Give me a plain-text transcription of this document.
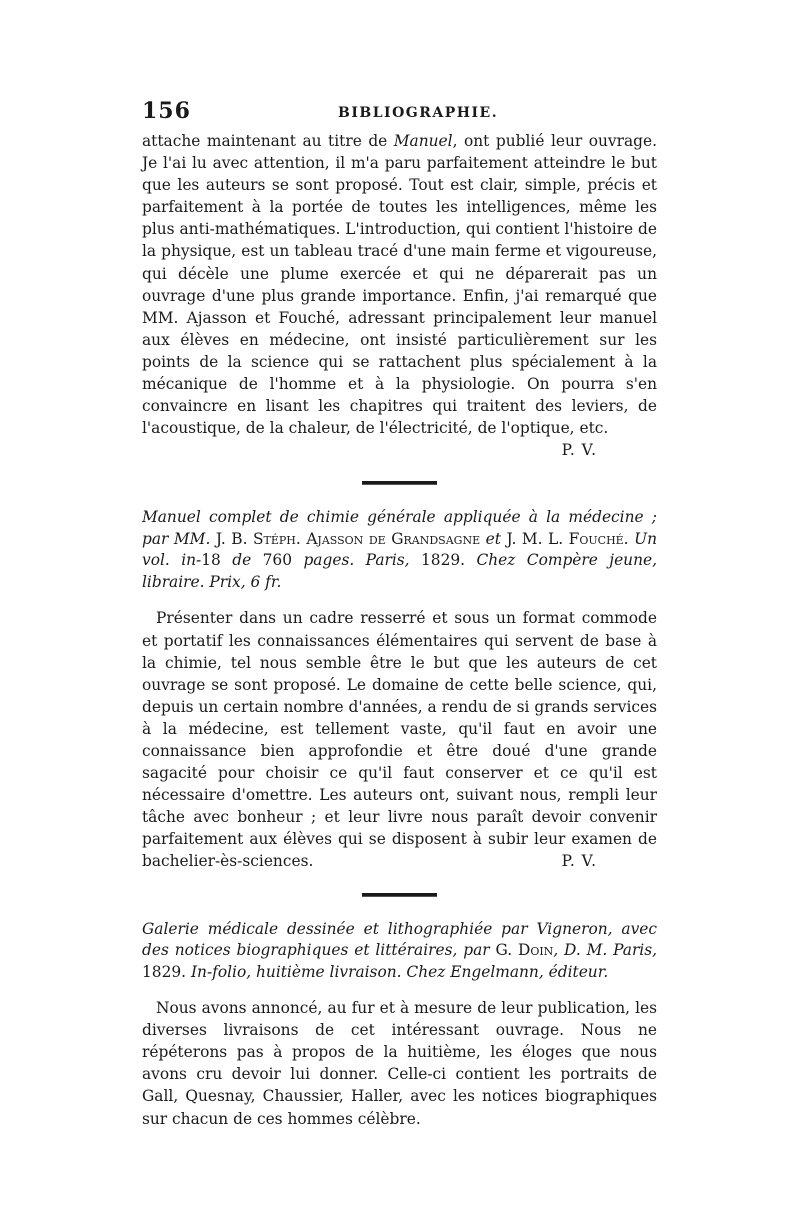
156	BIBLIOGRAPHIE.

attache maintenant au titre de Manuel, ont publié leur ouvrage. Je l'ai lu avec attention, il m'a paru parfaitement atteindre le but que les auteurs se sont proposé. Tout est clair, simple, précis et parfaitement à la portée de toutes les intelligences, même les plus anti-mathématiques. L'introduction, qui contient l'histoire de la physique, est un tableau tracé d'une main ferme et vigoureuse, qui décèle une plume exercée et qui ne déparerait pas un ouvrage d'une plus grande importance. Enfin, j'ai remarqué que MM. Ajasson et Fouché, adressant principalement leur manuel aux élèves en médecine, ont insisté particulièrement sur les points de la science qui se rattachent plus spécialement à la mécanique de l'homme et à la physiologie. On pourra s'en convaincre en lisant les chapitres qui traitent des leviers, de l'acoustique, de la chaleur, de l'électricité, de l'optique, etc.
P. V.

Manuel complet de chimie générale appliquée à la médecine ; par MM. J. B. Stéph. Ajasson de Grandsagne et J. M. L. Fouché. Un vol. in-18 de 760 pages. Paris, 1829. Chez Compère jeune, libraire. Prix, 6 fr.

Présenter dans un cadre resserré et sous un format commode et portatif les connaissances élémentaires qui servent de base à la chimie, tel nous semble être le but que les auteurs de cet ouvrage se sont proposé. Le domaine de cette belle science, qui, depuis un certain nombre d'années, a rendu de si grands services à la médecine, est tellement vaste, qu'il faut en avoir une connaissance bien approfondie et être doué d'une grande sagacité pour choisir ce qu'il faut conserver et ce qu'il est nécessaire d'omettre. Les auteurs ont, suivant nous, rempli leur tâche avec bonheur ; et leur livre nous paraît devoir convenir parfaitement aux élèves qui se disposent à subir leur examen de bachelier-ès-sciences.	P. V.

Galerie médicale dessinée et lithographiée par Vigneron, avec des notices biographiques et littéraires, par G. Doin, D. M. Paris, 1829. In-folio, huitième livraison. Chez Engelmann, éditeur.

Nous avons annoncé, au fur et à mesure de leur publication, les diverses livraisons de cet intéressant ouvrage. Nous ne répéterons pas à propos de la huitième, les éloges que nous avons cru devoir lui donner. Celle-ci contient les portraits de Gall, Quesnay, Chaussier, Haller, avec les notices biographiques sur chacun de ces hommes célèbre.
